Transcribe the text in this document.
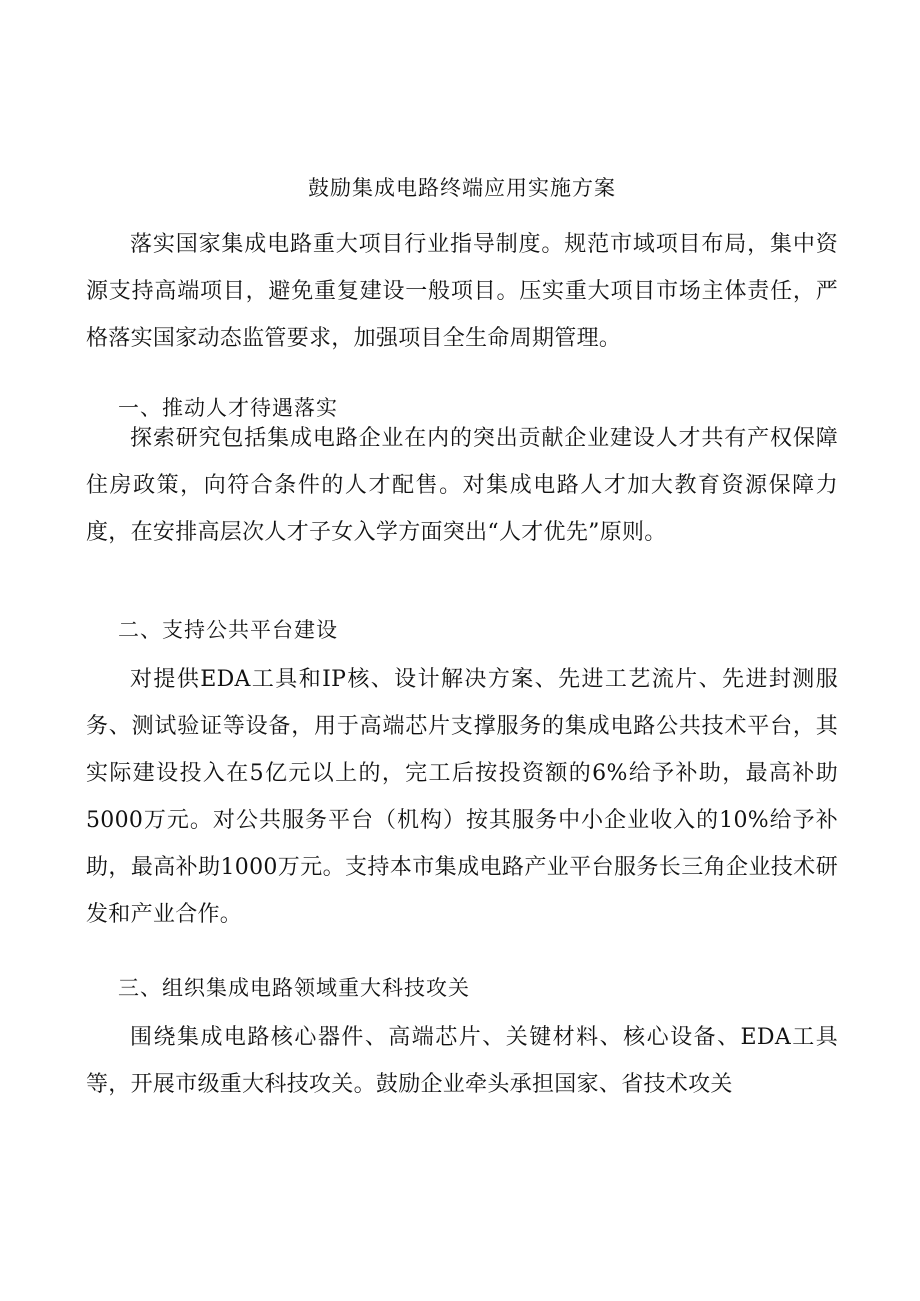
鼓励集成电路终端应用实施方案
落实国家集成电路重大项目行业指导制度。规范市域项目布局，集中资源支持高端项目，避免重复建设一般项目。压实重大项目市场主体责任，严格落实国家动态监管要求，加强项目全生命周期管理。
一、推动人才待遇落实
探索研究包括集成电路企业在内的突出贡献企业建设人才共有产权保障住房政策，向符合条件的人才配售。对集成电路人才加大教育资源保障力度，在安排高层次人才子女入学方面突出“人才优先”原则。
二、支持公共平台建设
对提供EDA工具和IP核、设计解决方案、先进工艺流片、先进封测服务、测试验证等设备，用于高端芯片支撑服务的集成电路公共技术平台，其实际建设投入在5亿元以上的，完工后按投资额的6%给予补助，最高补助5000万元。对公共服务平台（机构）按其服务中小企业收入的10%给予补助，最高补助1000万元。支持本市集成电路产业平台服务长三角企业技术研发和产业合作。
三、组织集成电路领域重大科技攻关
围绕集成电路核心器件、高端芯片、关键材料、核心设备、EDA工具等，开展市级重大科技攻关。鼓励企业牵头承担国家、省技术攻关
